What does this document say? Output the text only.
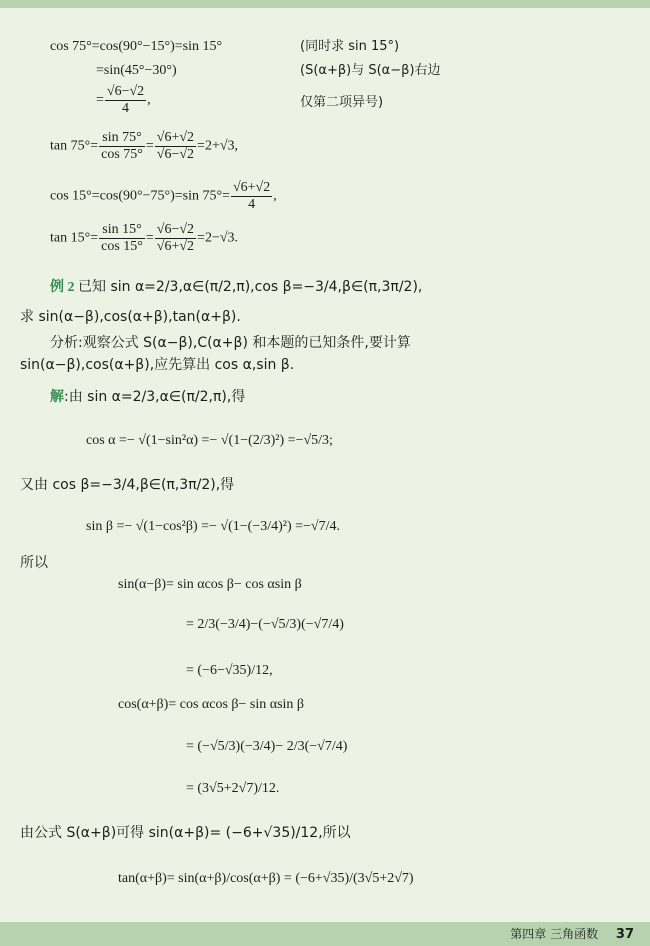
cos 75°=cos(90°−15°)=sin 15°	(同时求 sin 15°)
=sin(45°−30°)	(S(α+β)与 S(α−β)右边
= $\frac{√6-√2}{4}$ ,	仅第二项异号)
$\tan 75^\circ= \frac{\sin 75^\circ}{\cos 75^\circ} = \frac{√6+√2}{√6-√2} =2+√3$,
cos 15°=cos(90°−75°)=sin $75^\circ= \frac{√6+√2}{4}$ ,
$\tan 15^\circ= \frac{\sin 15^\circ}{\cos 15^\circ} = \frac{√6-√2}{√6+√2} =2-√3$.
例 2 已知 sin α=2/3,α∈(π/2,π),cos β=−3/4,β∈(π,3π/2),
求 sin(α−β),cos(α+β),tan(α+β).
分析:观察公式 S(α−β),C(α+β) 和本题的已知条件,要计算
sin(α−β),cos(α+β),应先算出 cos α,sin β.
解:由 sin α=2/3,α∈(π/2,π),得
cos α =− √(1−sin²α) =− √(1−(2/3)²) =−√5/3;
又由 cos β=−3/4,β∈(π,3π/2),得
sin β =− √(1−cos²β) =− √(1−(−3/4)²) =−√7/4.
所以
sin(α−β)= sin αcos β− cos αsin β
= 2/3(−3/4)−(−√5/3)(−√7/4)
= (−6−√35)/12,
cos(α+β)= cos αcos β− sin αsin β
= (−√5/3)(−3/4)− 2/3(−√7/4)
= (3√5+2√7)/12.
由公式 S(α+β)可得 sin(α+β)= (−6+√35)/12,所以
tan(α+β)= sin(α+β)/cos(α+β) = (−6+√35)/(3√5+2√7)
第四章 三角函数 37
